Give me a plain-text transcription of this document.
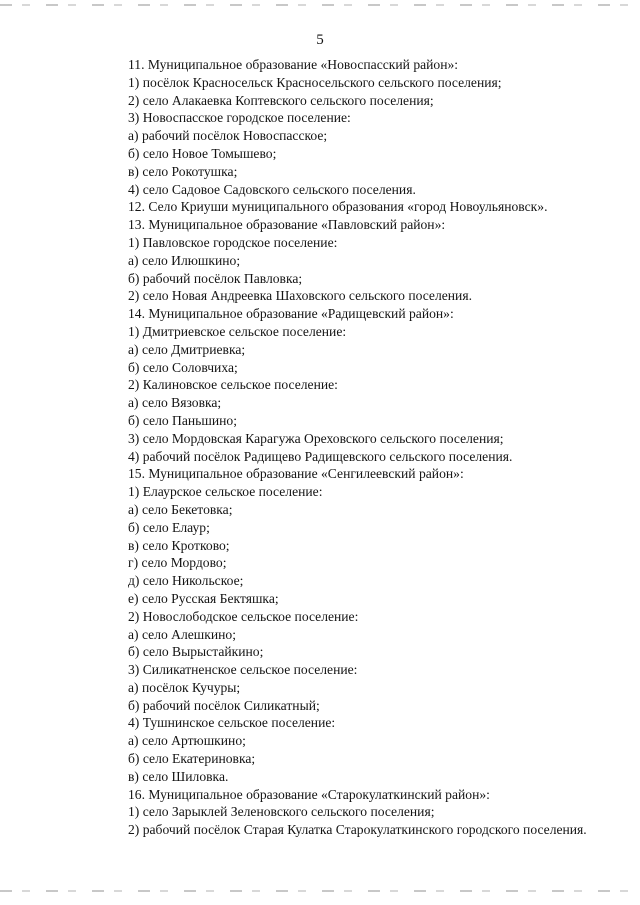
5
11. Муниципальное образование «Новоспасский район»:
1) посёлок Красносельск Красносельского сельского поселения;
2) село Алакаевка Коптевского сельского поселения;
3) Новоспасское городское поселение:
а) рабочий посёлок Новоспасское;
б) село Новое Томышево;
в) село Рокотушка;
4) село Садовое Садовского сельского поселения.
12. Село Криуши муниципального образования «город Новоульяновск».
13. Муниципальное образование «Павловский район»:
1) Павловское городское поселение:
а) село Илюшкино;
б) рабочий посёлок Павловка;
2) село Новая Андреевка Шаховского сельского поселения.
14. Муниципальное образование «Радищевский район»:
1) Дмитриевское сельское поселение:
а) село Дмитриевка;
б) село Соловчиха;
2) Калиновское сельское поселение:
а) село Вязовка;
б) село Паньшино;
3) село Мордовская Карагужа Ореховского сельского поселения;
4) рабочий посёлок Радищево Радищевского сельского поселения.
15. Муниципальное образование «Сенгилеевский район»:
1) Елаурское сельское поселение:
а) село Бекетовка;
б) село Елаур;
в) село Кротково;
г) село Мордово;
д) село Никольское;
е) село Русская Бектяшка;
2) Новослободское сельское поселение:
а) село Алешкино;
б) село Вырыстайкино;
3) Силикатненское сельское поселение:
а) посёлок Кучуры;
б) рабочий посёлок Силикатный;
4) Тушнинское сельское поселение:
а) село Артюшкино;
б) село Екатериновка;
в) село Шиловка.
16. Муниципальное образование «Старокулаткинский район»:
1) село Зарыклей Зеленовского сельского поселения;
2) рабочий посёлок Старая Кулатка Старокулаткинского городского поселения.
